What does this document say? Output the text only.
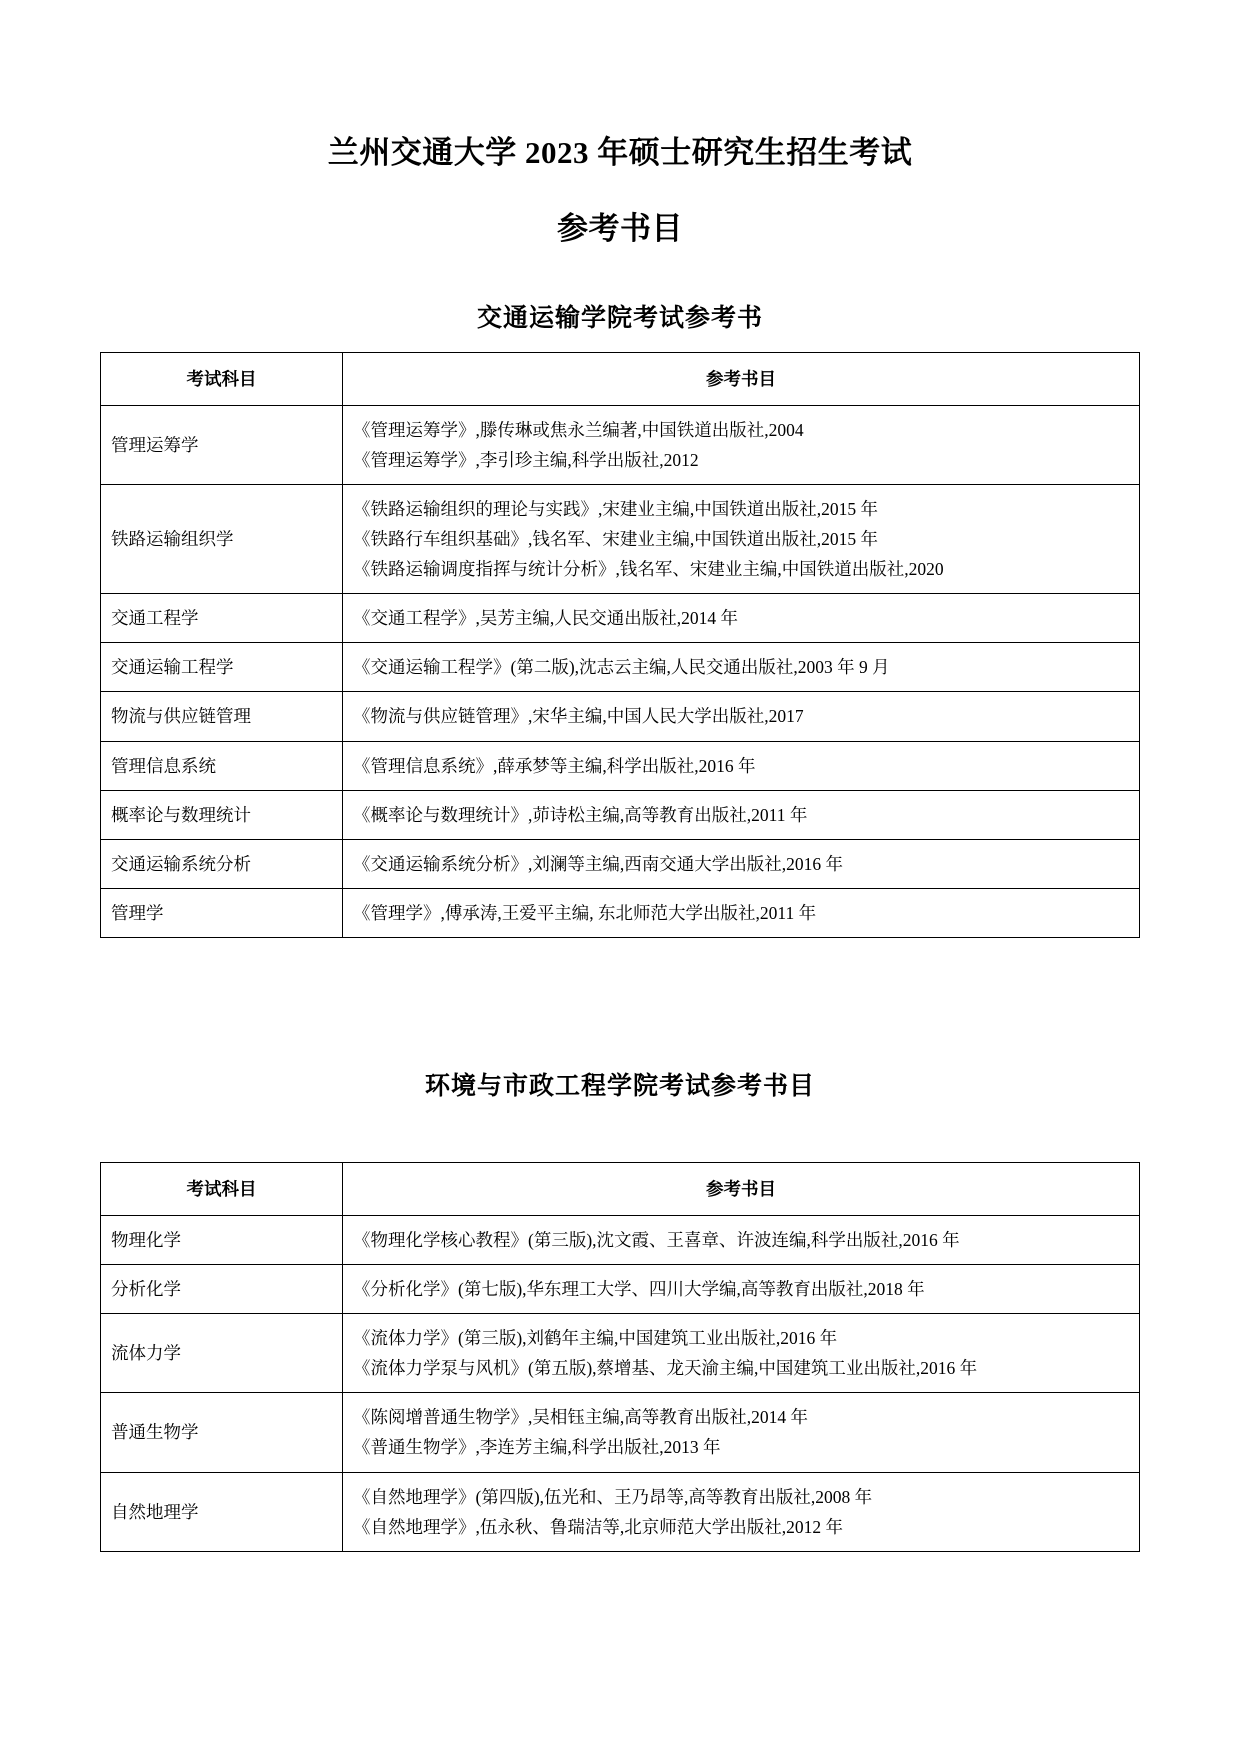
兰州交通大学 2023 年硕士研究生招生考试
参考书目
交通运输学院考试参考书
考试科目	参考书目
管理运筹学	《管理运筹学》,滕传琳或焦永兰编著,中国铁道出版社,2004
《管理运筹学》,李引珍主编,科学出版社,2012

铁路运输组织学	《铁路运输组织的理论与实践》,宋建业主编,中国铁道出版社,2015 年
《铁路行车组织基础》,钱名军、宋建业主编,中国铁道出版社,2015 年
《铁路运输调度指挥与统计分析》,钱名军、宋建业主编,中国铁道出版社,2020

交通工程学	《交通工程学》,吴芳主编,人民交通出版社,2014 年

交通运输工程学	《交通运输工程学》(第二版),沈志云主编,人民交通出版社,2003 年 9 月

物流与供应链管理	《物流与供应链管理》,宋华主编,中国人民大学出版社,2017

管理信息系统	《管理信息系统》,薛承梦等主编,科学出版社,2016 年

概率论与数理统计	《概率论与数理统计》,茆诗松主编,高等教育出版社,2011 年

交通运输系统分析	《交通运输系统分析》,刘澜等主编,西南交通大学出版社,2016 年

管理学	《管理学》,傅承涛,王爱平主编, 东北师范大学出版社,2011 年
环境与市政工程学院考试参考书目
考试科目	参考书目
物理化学	《物理化学核心教程》(第三版),沈文霞、王喜章、许波连编,科学出版社,2016 年

分析化学	《分析化学》(第七版),华东理工大学、四川大学编,高等教育出版社,2018 年

流体力学	《流体力学》(第三版),刘鹤年主编,中国建筑工业出版社,2016 年
《流体力学泵与风机》(第五版),蔡增基、龙天渝主编,中国建筑工业出版社,2016 年

普通生物学	《陈阅增普通生物学》,吴相钰主编,高等教育出版社,2014 年
《普通生物学》,李连芳主编,科学出版社,2013 年

自然地理学	《自然地理学》(第四版),伍光和、王乃昂等,高等教育出版社,2008 年
《自然地理学》,伍永秋、鲁瑞洁等,北京师范大学出版社,2012 年
